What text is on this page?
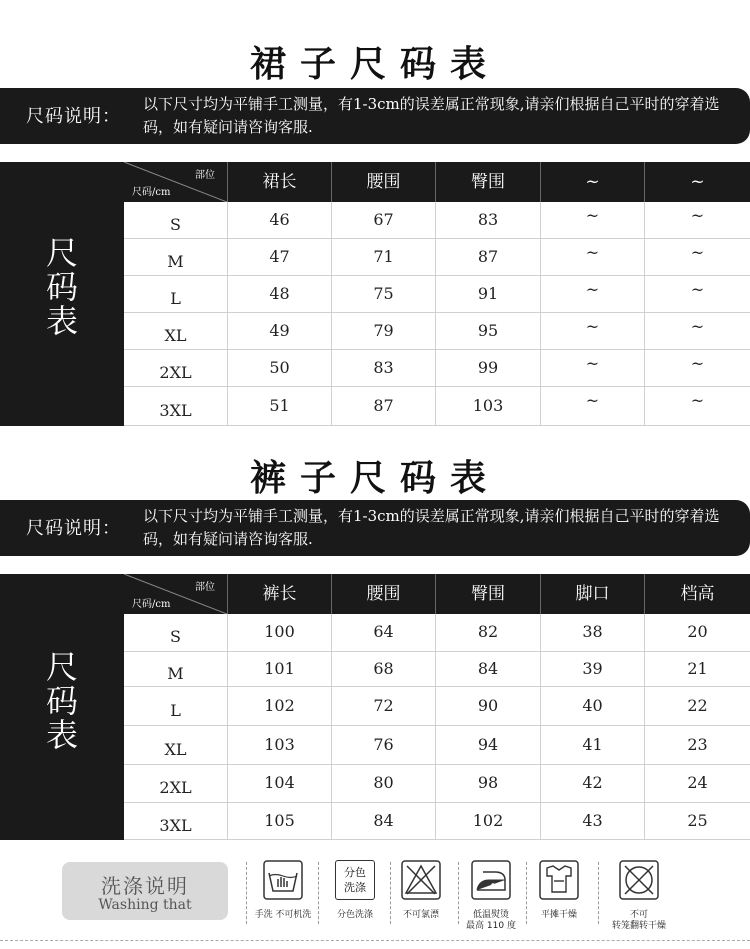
裙子尺码表
尺码说明：
以下尺寸均为平铺手工测量，有1-3cm的误差属正常现象,请亲们根据自己平时的穿着选码，如有疑问请咨询客服.
尺
码
表
部位
尺码/cm
裙长	腰围	臀围	~	~
S	46	67	83	~	~
M	47	71	87	~	~
L	48	75	91	~	~
XL	49	79	95	~	~
2XL	50	83	99	~	~
3XL	51	87	103	~	~
裤子尺码表
尺码说明：
以下尺寸均为平铺手工测量，有1-3cm的误差属正常现象,请亲们根据自己平时的穿着选码，如有疑问请咨询客服.
尺
码
表
部位
尺码/cm
裤长	腰围	臀围	脚口	档高
S	100	64	82	38	20
M	101	68	84	39	21
L	102	72	90	40	22
XL	103	76	94	41	23
2XL	104	80	98	42	24
3XL	105	84	102	43	25
洗涤说明
Washing that
手洗 不可机洗
分色
洗涤
分色洗涤	不可氯漂	低温熨烫
最高 110 度
平摊干燥	不可
转笼翻转干燥
